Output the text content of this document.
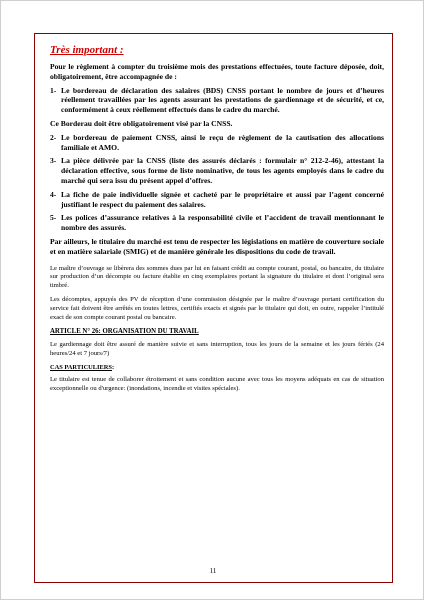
Très important :
Pour le règlement à compter du troisième mois des prestations effectuées, toute facture déposée, doit, obligatoirement, être accompagnée de :
1- Le bordereau de déclaration des salaires (BDS) CNSS portant le nombre de jours et d’heures réellement travaillées par les agents assurant les prestations de gardiennage et de sécurité, et ce, conformément à ceux réellement effectués dans le cadre du marché.
Ce Borderau doit être obligatoirement visé par la CNSS.
2- Le bordereau de paiement CNSS, ainsi le reçu de règlement de la cautisation des allocations familiale et AMO.
3- La pièce délivrée par la CNSS (liste des assurés déclarés : formulair n° 212-2-46), attestant la déclaration effective, sous forme de liste nominative, de tous les agents employés dans le cadre du marché qui sera issu du présent appel d’offres.
4- La fiche de paie individuelle signée et cacheté par le propriétaire et aussi par l’agent concerné justifiant le respect du paiement des salaires.
5- Les polices d’assurance relatives à la responsabilité civile et l’accident de travail mentionnant le nombre des assurés.
Par ailleurs, le titulaire du marché est tenu de respecter les législations en matière de couverture sociale et en matière salariale (SMIG) et de manière générale les dispositions du code de travail.
Le maître d’ouvrage se libèrera des sommes dues par lui en faisant crédit au compte courant, postal, ou bancaire, du titulaire sur production d’un décompte ou facture établie en cinq exemplaires portant la signature du titulaire et dont l’original sera timbré.
Les décomptes, appuyés des PV de réception d’une commission désignée par le maître d’ouvrage portant certification du service fait doivent être arrêtés en toutes lettres, certifiés exacts et signés par le titulaire qui doit, en outre, rappeler l’intitulé exact de son compte courant postal ou bancaire.
ARTICLE N° 26: ORGANISATION DU TRAVAIL
Le gardiennage doit être assuré de manière suivie et sans interruption, tous les jours de la semaine et les jours fériés (24 heures/24 et 7 jours/7)
CAS PARTICULIERS:
Le titulaire est tenue de collaborer étroitement et sans condition aucune avec tous les moyens adéquats en cas de situation exceptionnelle ou d'urgence: (inondations, incendie et visites spéciales).
11
